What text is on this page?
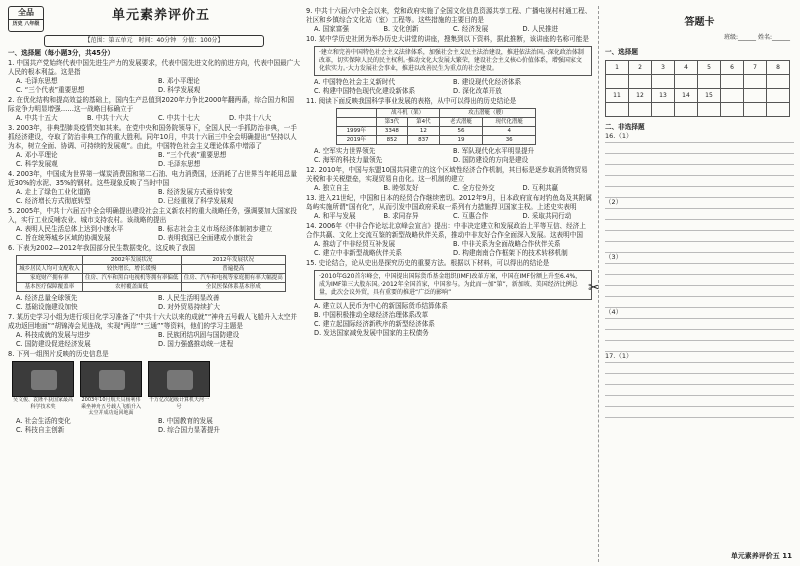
全品
历史 八年级
单元素养评价五
【范围：第五单元　时间：40分钟　分值：100分】
一、选择题（每小题3分，共45分）
1. 中国共产党始终代表中国先进生产力的发展要求，代表中国先进文化的前进方向，代表中国最广大人民的根本利益。这是指
A. 毛泽东思想	B. 邓小平理论
C. “三个代表”重要思想	D. 科学发展观
2. 在优化结构和提高效益的基础上，国内生产总值到2020年力争比2000年翻两番，综合国力和国际竞争力明显增强……这一战略目标确立于
A. 中共十五大	B. 中共十六大	C. 中共十七大	D. 中共十八大
3. 2003年，非典型肺炎疫情突如其来。在党中央和国务院领导下，全国人民一手抓防治非典，一手抓经济建设，夺取了防治非典工作的重大胜利。同年10月，中共十六届三中全会明确提出“坚持以人为本，树立全面、协调、可持续的发展观”。由此，中国特色社会主义理论体系中增添了
A. 邓小平理论	B. “三个代表”重要思想
C. 科学发展观	D. 毛泽东思想
4. 2003年，中国成为世界第一煤炭消费国和第二石油、电力消费国，还消耗了占世界当年耗用总量近30%的水泥、35%的钢材。这些现象反映了当时中国
A. 走上了绿色工业化道路	B. 经济发展方式亟待转变
C. 经济增长方式彻底转型	D. 已经重视了科学发展观
5. 2005年，中共十六届五中全会明确提出建设社会主义新农村的重大战略任务，强调要加大国家投入，实行工业反哺农业、城市支持农村。该战略的提出
A. 表明人民生活总体上达到小康水平	B. 标志社会主义市场经济体制初步建立
C. 旨在统筹城乡区域的协调发展	D. 表明我国已全面建成小康社会
6. 下表为2002—2012年我国部分民生数据变化，这反映了我国
	2002年发展状况	2012年发展状况
城乡居民人均可支配收入	较快增长，增长缓慢	普遍提高
家庭财产拥有率	住房、汽车和黑白电视机等拥有率偏低	住房、汽车和电视等家庭拥有率大幅提高
基本医疗保障覆盖率	农村覆盖面低	全民医保体系基本形成
A. 经济总量全球领先	B. 人民生活明显改善
C. 基础设施建设加快	D. 对外贸易持续扩大
7. 某历史学习小组为进行项目化学习准备了“中共十六大以来的成就”“神舟五号载人飞船升入太空并成功返回地面”“胡锦涛会见连战，实现“两岸”“三通””等资料，他们的学习主题是
A. 科技成就的发展与进步	B. 民族团结巩固与国防建设
C. 国防建设促进经济发展	D. 国力强盛推动统一进程
8. 下列一组图片反映的历史信息是
吴文俊、袁隆平获国家最高科学技术奖
2003年10月航天员杨利伟乘坐神舟五号载人飞船升入太空并成功返回地面
千万亿次超级计算机天河一号
A. 社会生活的变化	B. 中国教育的发展
C. 科技自主创新	D. 综合国力显著提升
9. 中共十六届六中全会以来，党和政府实施了全国文化信息资源共享工程、广播电视村村通工程、社区和乡镇综合文化站（室）工程等。这些措施的主要目的是
A. 国家富强	B. 文化创新	C. 经济发展	D. 人民推进
10. 某中学历史社团为举办历史大讲堂的讲座，搜集到以下资料，据此推断，该讲座的名称可能是
·建立和完善中国特色社会主义法律体系，加强社会主义民主法治建设，推进依法治国。·深化政治体制改革，切实保障人民的民主权利。·推动文化大发展大繁荣，建设社会主义核心价值体系，增强国家文化软实力。·大力发展社会事业，推进以改善民生为重点的社会建设。
A. 中国特色社会主义新时代	B. 建设现代化经济体系
C. 构建中国特色现代化建设新体系	D. 深化改革开放
11. 阅读下面反映我国科学事业发展的表格，从中可以得出的历史结论是
	战斗机（架）		攻击潜艇（艘）	
	第3代	第4代	老式潜艇	现代化潜艇
1999年	3348	12	56	4
2019年	852	837	19	36
A. 空军实力世界领先	B. 军队现代化水平明显提升
C. 海军的科技力量领先	D. 国防建设的方向是建设
12. 2010年，中国与东盟10国共同建立的这个区域性经济合作机制，其目标是逐步取消货物贸易关税和非关税壁垒，实现贸易自由化。这一机制的建立
A. 独立自主	B. 睦邻友好	C. 全方位外交	D. 互利共赢
13. 进入21世纪，中国和日本的经贸合作继续密切。2012年9月，日本政府宣布对钓鱼岛及其附属岛屿实施所谓“国有化”，从而引发中国政府采取一系列有力措施捍卫国家主权。上述史实表明
A. 和平与发展	B. 求同存异	C. 互惠合作	D. 采取共同行动
14. 2006年《中非合作论坛北京峰会宣言》提出：中非决定建立和发展政治上平等互信、经济上合作共赢、文化上交流互鉴的新型战略伙伴关系，推动中非友好合作全面深入发展。这表明中国
A. 推动了中非经贸互补发展	B. 中非关系为全面战略合作伙伴关系
C. 建立中非新型战略伙伴关系	D. 构建南南合作框架下的技术转移机制
15. 史论结合，论从史出是探究历史的重要方法。根据以下材料，可以得出的结论是
·2010年G20首尔峰会，中国提出国际货币基金组织(IMF)改革方案，中国在IMF份额上升至6.4%，成为IMF第三大股东国。·2012年全国首家，中国参与。为此而一加“第”，新加坡、美国经济比例总量，此次会议外贸，具有重要的推进“广泛的影响”
A. 建立以人民币为中心的新国际货币结算体系
B. 中国积极推动全球经济治理体系改革
C. 建立起国际经济新秩序的新型经济体系
D. 发达国家减免发展中国家的主权债务
✂
答题卡
班级:______ 姓名:______
一、选择题
1	2	3	4	5	6	7	8

11	12	13	14	15			

二、非选择题
16.（1）
（2）
（3）
（4）
17.（1）
单元素养评价五 11
